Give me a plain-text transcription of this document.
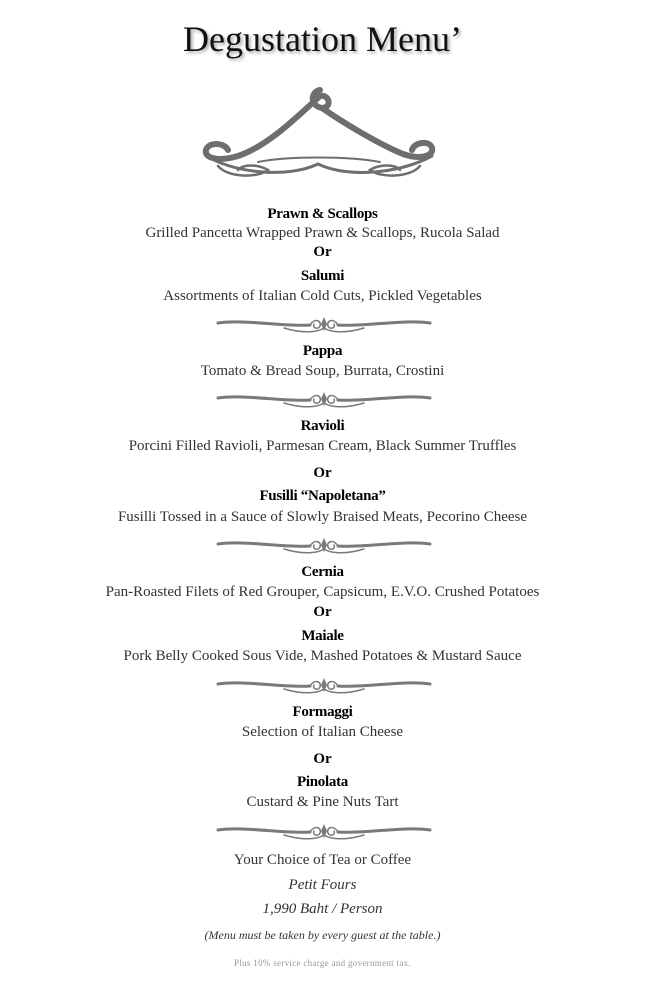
Degustation Menu’
Prawn & Scallops
Grilled Pancetta Wrapped Prawn & Scallops, Rucola Salad
Or
Salumi
Assortments of Italian Cold Cuts, Pickled Vegetables
Pappa
Tomato & Bread Soup, Burrata, Crostini
Ravioli
Porcini Filled Ravioli, Parmesan Cream, Black Summer Truffles
Or
Fusilli “Napoletana”
Fusilli Tossed in a Sauce of Slowly Braised Meats, Pecorino Cheese
Cernia
Pan-Roasted Filets of Red Grouper, Capsicum, E.V.O. Crushed Potatoes
Or
Maiale
Pork Belly Cooked Sous Vide, Mashed Potatoes & Mustard Sauce
Formaggi
Selection of Italian Cheese
Or
Pinolata
Custard & Pine Nuts Tart
Your Choice of Tea or Coffee
Petit Fours
1,990 Baht / Person
(Menu must be taken by every guest at the table.)
Plus 10% service charge and government tax.
